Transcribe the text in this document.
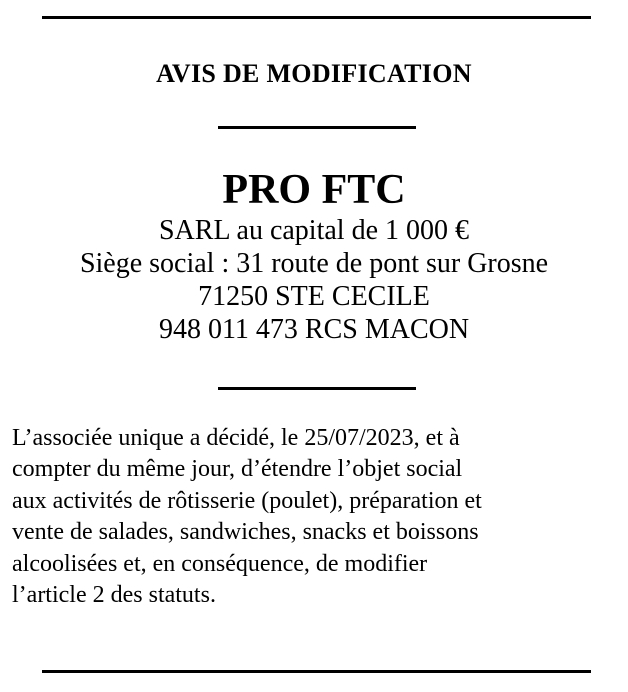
AVIS DE MODIFICATION
PRO FTC
SARL au capital de 1 000 €
Siège social : 31 route de pont sur Grosne
71250 STE CECILE
948 011 473 RCS MACON
L’associée unique a décidé, le 25/07/2023, et à
compter du même jour, d’étendre l’objet social
aux activités de rôtisserie (poulet), préparation et
vente de salades, sandwiches, snacks et boissons
alcoolisées et, en conséquence, de modifier
l’article 2 des statuts.
